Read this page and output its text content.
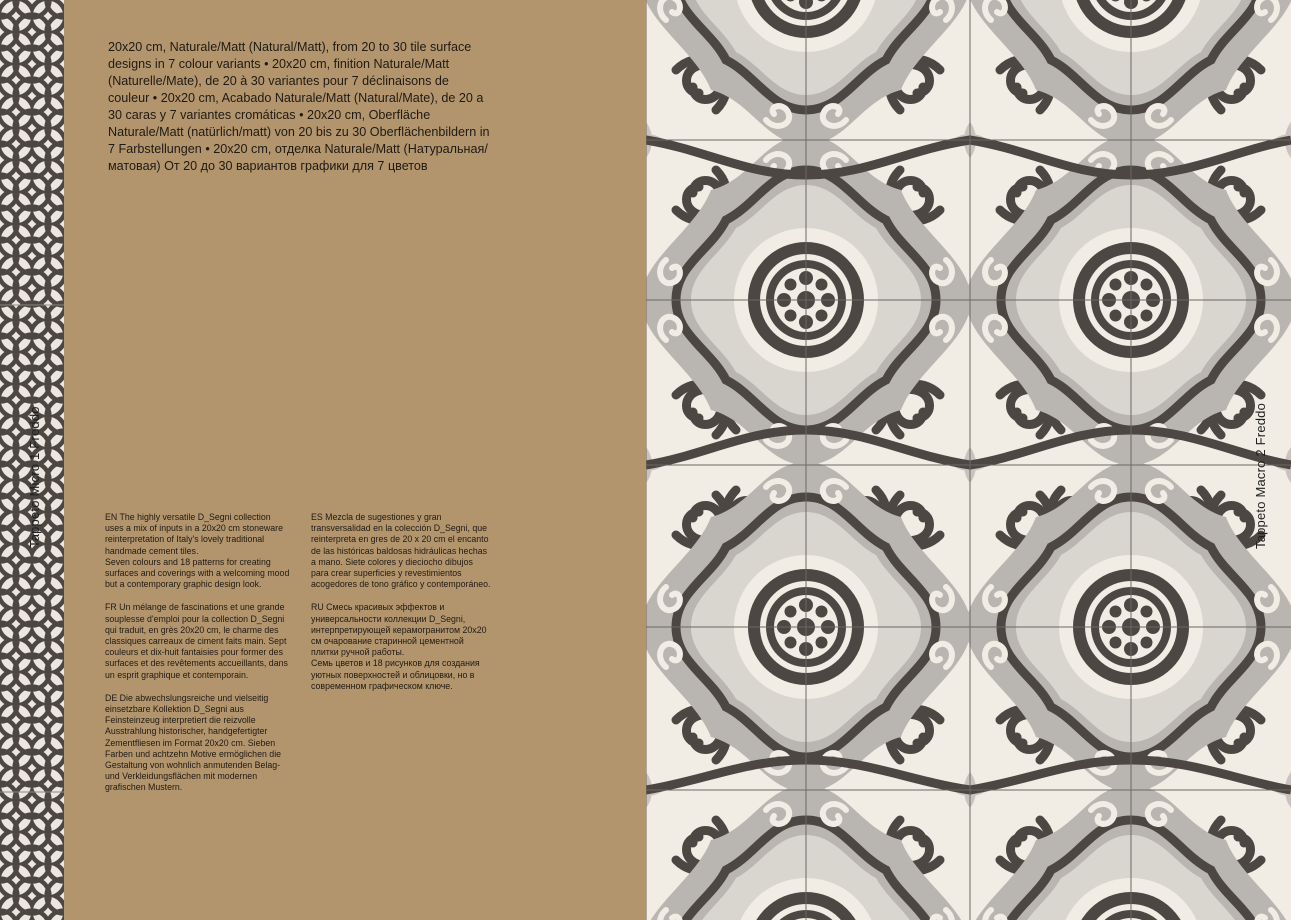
Tappeto Micro 1 Freddo	Tappeto Macro 2 Freddo

20x20 cm, Naturale/Matt (Natural/Matt), from 20 to 30 tile surface designs in 7 colour variants • 20x20 cm, finition Naturale/Matt (Naturelle/Mate), de 20 à 30 variantes pour 7 déclinaisons de couleur • 20x20 cm, Acabado Naturale/Matt (Natural/Mate), de 20 a 30 caras y 7 variantes cromáticas • 20x20 cm, Oberfläche Naturale/Matt (natürlich/matt) von 20 bis zu 30 Oberflächenbildern in 7 Farbstellungen • 20x20 cm, отделка Naturale/Matt (Натуральная/матовая) От 20 до 30 вариантов графики для 7 цветов

EN The highly versatile D_Segni collection uses a mix of inputs in a 20x20 cm stoneware reinterpretation of Italy's lovely traditional handmade cement tiles.
Seven colours and 18 patterns for creating surfaces and coverings with a welcoming mood but a contemporary graphic design look.

FR Un mélange de fascinations et une grande souplesse d'emploi pour la collection D_Segni qui traduit, en grès 20x20 cm, le charme des classiques carreaux de ciment faits main. Sept couleurs et dix-huit fantaisies pour former des surfaces et des revêtements accueillants, dans un esprit graphique et contemporain.

DE Die abwechslungsreiche und vielseitig einsetzbare Kollektion D_Segni aus Feinsteinzeug interpretiert die reizvolle Ausstrahlung historischer, handgefertigter Zementfliesen im Format 20x20 cm. Sieben Farben und achtzehn Motive ermöglichen die Gestaltung von wohnlich anmutenden Belag- und Verkleidungsflächen mit modernen grafischen Mustern.

ES Mezcla de sugestiones y gran transversalidad en la colección D_Segni, que reinterpreta en gres de 20 x 20 cm el encanto de las históricas baldosas hidráulicas hechas a mano. Siete colores y dieciocho dibujos para crear superficies y revestimientos acogedores de tono gráfico y contemporáneo.

RU Смесь красивых эффектов и универсальности коллекции D_Segni, интерпретирующей керамогранитом 20x20 см очарование старинной цементной плитки ручной работы.
Семь цветов и 18 рисунков для создания уютных поверхностей и облицовки, но в современном графическом ключе.
